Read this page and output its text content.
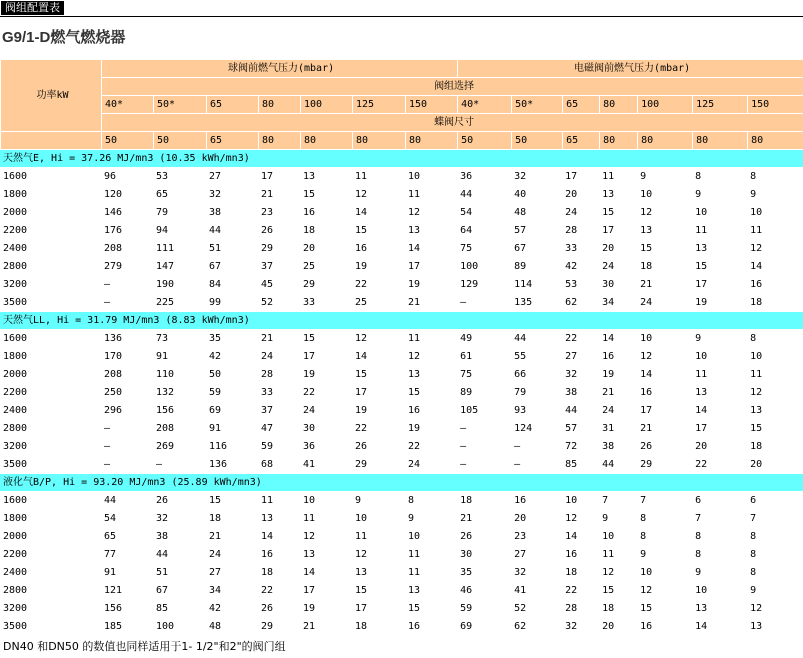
阀组配置表
G9/1-D燃气燃烧器
功率kW	球阀前燃气压力(mbar)							电磁阀前燃气压力(mbar)						
	阀组选择													
	40*	50*	65	80	100	125	150	40*	50*	65	80	100	125	150
	蝶阀尺寸													
	50	50	65	80	80	80	80	50	50	65	80	80	80	80
天然气E, Hi = 37.26 MJ/mn3 (10.35 kWh/mn3)														
1600	96	53	27	17	13	11	10	36	32	17	11	9	8	8
1800	120	65	32	21	15	12	11	44	40	20	13	10	9	9
2000	146	79	38	23	16	14	12	54	48	24	15	12	10	10
2200	176	94	44	26	18	15	13	64	57	28	17	13	11	11
2400	208	111	51	29	20	16	14	75	67	33	20	15	13	12
2800	279	147	67	37	25	19	17	100	89	42	24	18	15	14
3200	—	190	84	45	29	22	19	129	114	53	30	21	17	16
3500	—	225	99	52	33	25	21	—	135	62	34	24	19	18
天然气LL, Hi = 31.79 MJ/mn3 (8.83 kWh/mn3)														
1600	136	73	35	21	15	12	11	49	44	22	14	10	9	8
1800	170	91	42	24	17	14	12	61	55	27	16	12	10	10
2000	208	110	50	28	19	15	13	75	66	32	19	14	11	11
2200	250	132	59	33	22	17	15	89	79	38	21	16	13	12
2400	296	156	69	37	24	19	16	105	93	44	24	17	14	13
2800	—	208	91	47	30	22	19	—	124	57	31	21	17	15
3200	—	269	116	59	36	26	22	—	—	72	38	26	20	18
3500	—	—	136	68	41	29	24	—	—	85	44	29	22	20
液化气B/P, Hi = 93.20 MJ/mn3 (25.89 kWh/mn3)														
1600	44	26	15	11	10	9	8	18	16	10	7	7	6	6
1800	54	32	18	13	11	10	9	21	20	12	9	8	7	7
2000	65	38	21	14	12	11	10	26	23	14	10	8	8	8
2200	77	44	24	16	13	12	11	30	27	16	11	9	8	8
2400	91	51	27	18	14	13	11	35	32	18	12	10	9	8
2800	121	67	34	22	17	15	13	46	41	22	15	12	10	9
3200	156	85	42	26	19	17	15	59	52	28	18	15	13	12
3500	185	100	48	29	21	18	16	69	62	32	20	16	14	13
DN40 和DN50 的数值也同样适用于1- 1/2"和2"的阀门组
